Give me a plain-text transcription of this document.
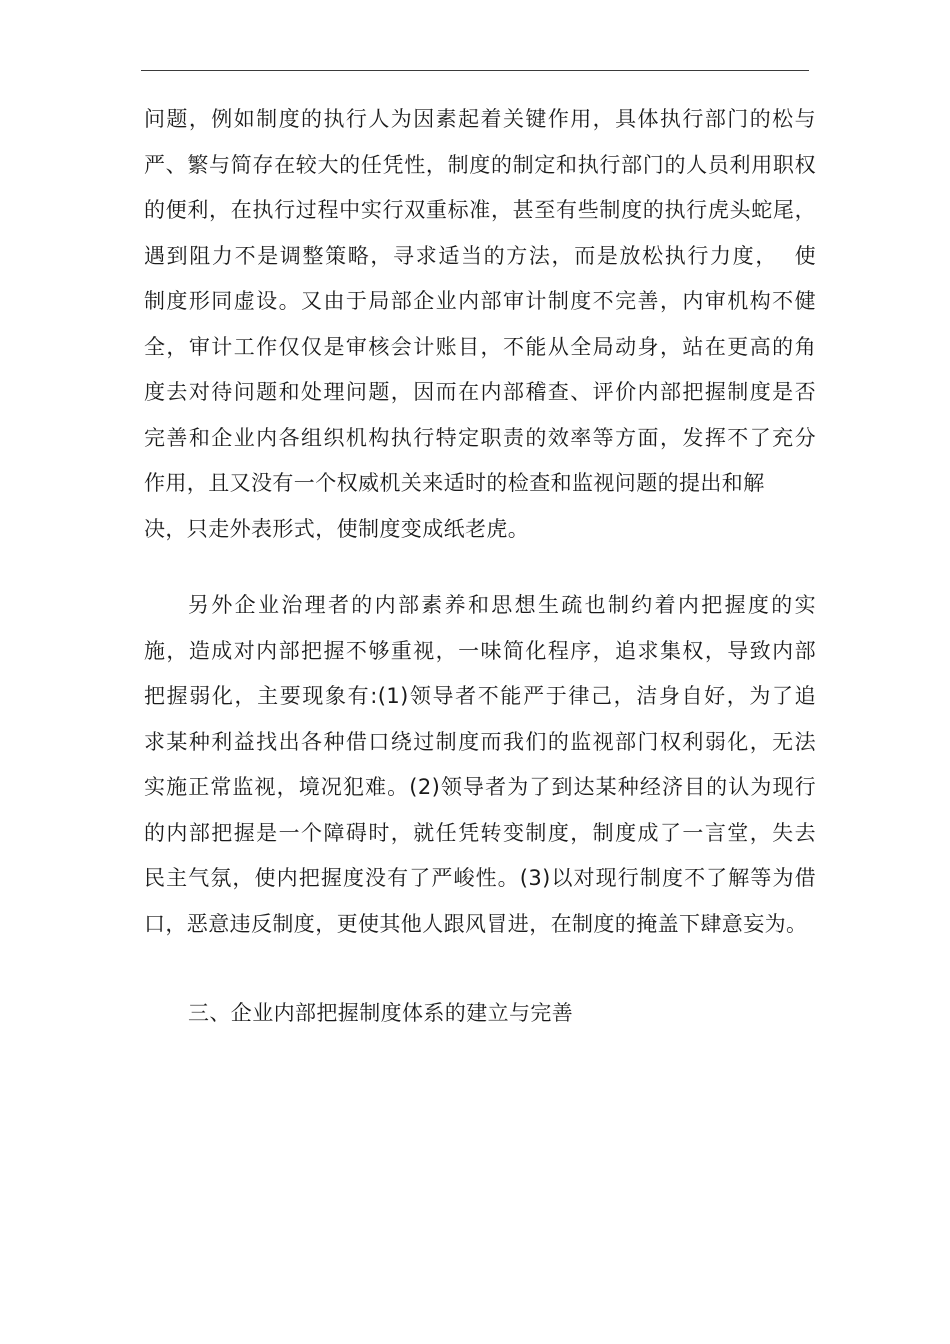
问题，例如制度的执行人为因素起着关键作用，具体执行部门的松与
严、繁与简存在较大的任凭性，制度的制定和执行部门的人员利用职权
的便利，在执行过程中实行双重标准，甚至有些制度的执行虎头蛇尾，
遇到阻力不是调整策略，寻求适当的方法，而是放松执行力度，  使
制度形同虚设。又由于局部企业内部审计制度不完善，内审机构不健
全，审计工作仅仅是审核会计账目，不能从全局动身，站在更高的角
度去对待问题和处理问题，因而在内部稽查、评价内部把握制度是否
完善和企业内各组织机构执行特定职责的效率等方面，发挥不了充分
作用，且又没有一个权威机关来适时的检查和监视问题的提出和解
决，只走外表形式，使制度变成纸老虎。
另外企业治理者的内部素养和思想生疏也制约着内把握度的实
施，造成对内部把握不够重视，一味简化程序，追求集权，导致内部
把握弱化，主要现象有:(1)领导者不能严于律己，洁身自好，为了追
求某种利益找出各种借口绕过制度而我们的监视部门权利弱化，无法
实施正常监视，境况犯难。(2)领导者为了到达某种经济目的认为现行
的内部把握是一个障碍时，就任凭转变制度，制度成了一言堂，失去
民主气氛，使内把握度没有了严峻性。(3)以对现行制度不了解等为借
口，恶意违反制度，更使其他人跟风冒进，在制度的掩盖下肆意妄为。
三、企业内部把握制度体系的建立与完善
